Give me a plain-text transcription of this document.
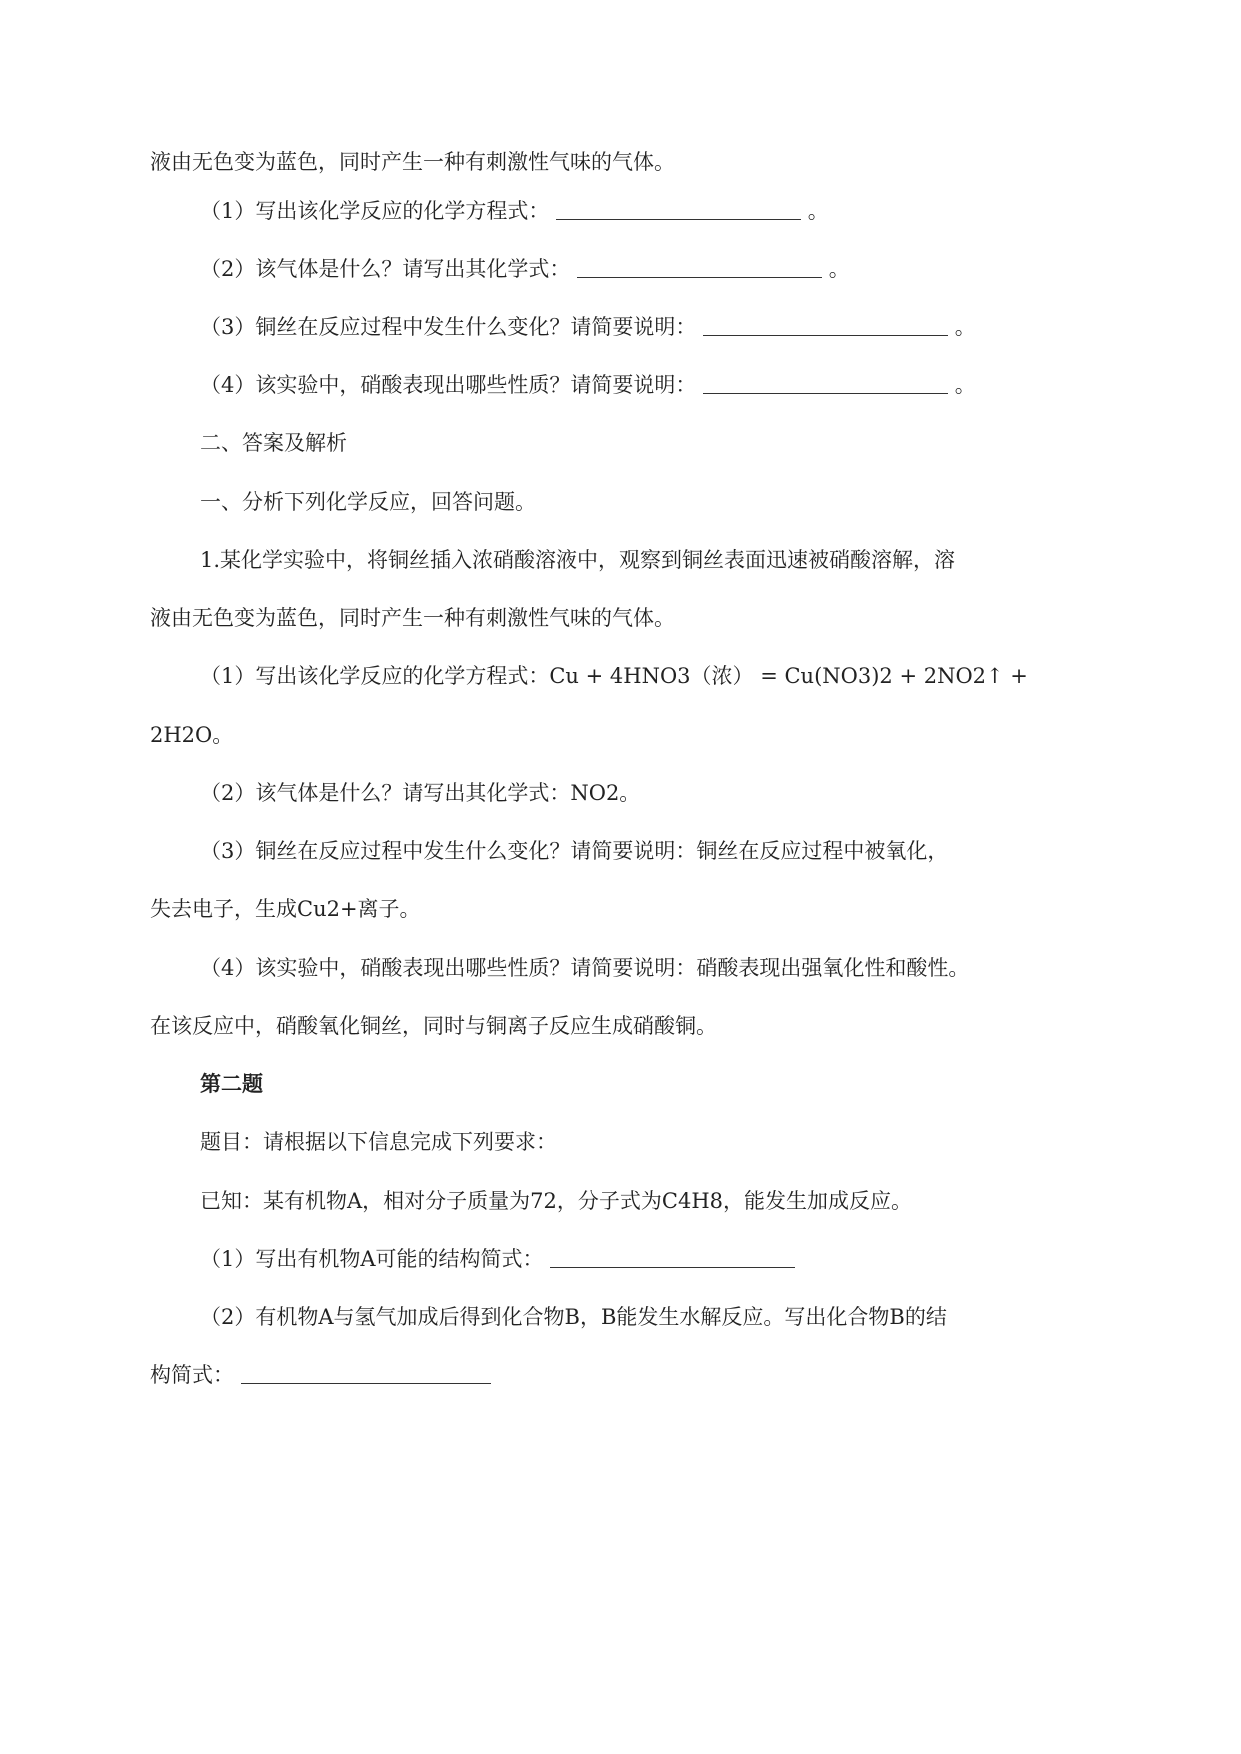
液由无色变为蓝色，同时产生一种有刺激性气味的气体。
（1）写出该化学反应的化学方程式：	。
（2）该气体是什么？请写出其化学式：	。
（3）铜丝在反应过程中发生什么变化？请简要说明：	。
（4）该实验中，硝酸表现出哪些性质？请简要说明：	。
二、答案及解析
一、分析下列化学反应，回答问题。
1.某化学实验中，将铜丝插入浓硝酸溶液中，观察到铜丝表面迅速被硝酸溶解，溶
液由无色变为蓝色，同时产生一种有刺激性气味的气体。
（1）写出该化学反应的化学方程式：Cu + 4HNO3（浓） = Cu(NO3)2 + 2NO2↑ +
2H2O。
（2）该气体是什么？请写出其化学式：NO2。
（3）铜丝在反应过程中发生什么变化？请简要说明：铜丝在反应过程中被氧化，
失去电子，生成Cu2+离子。
（4）该实验中，硝酸表现出哪些性质？请简要说明：硝酸表现出强氧化性和酸性。
在该反应中，硝酸氧化铜丝，同时与铜离子反应生成硝酸铜。
第二题
题目：请根据以下信息完成下列要求：
已知：某有机物A，相对分子质量为72，分子式为C4H8，能发生加成反应。
（1）写出有机物A可能的结构简式：
（2）有机物A与氢气加成后得到化合物B，B能发生水解反应。写出化合物B的结
构简式：
